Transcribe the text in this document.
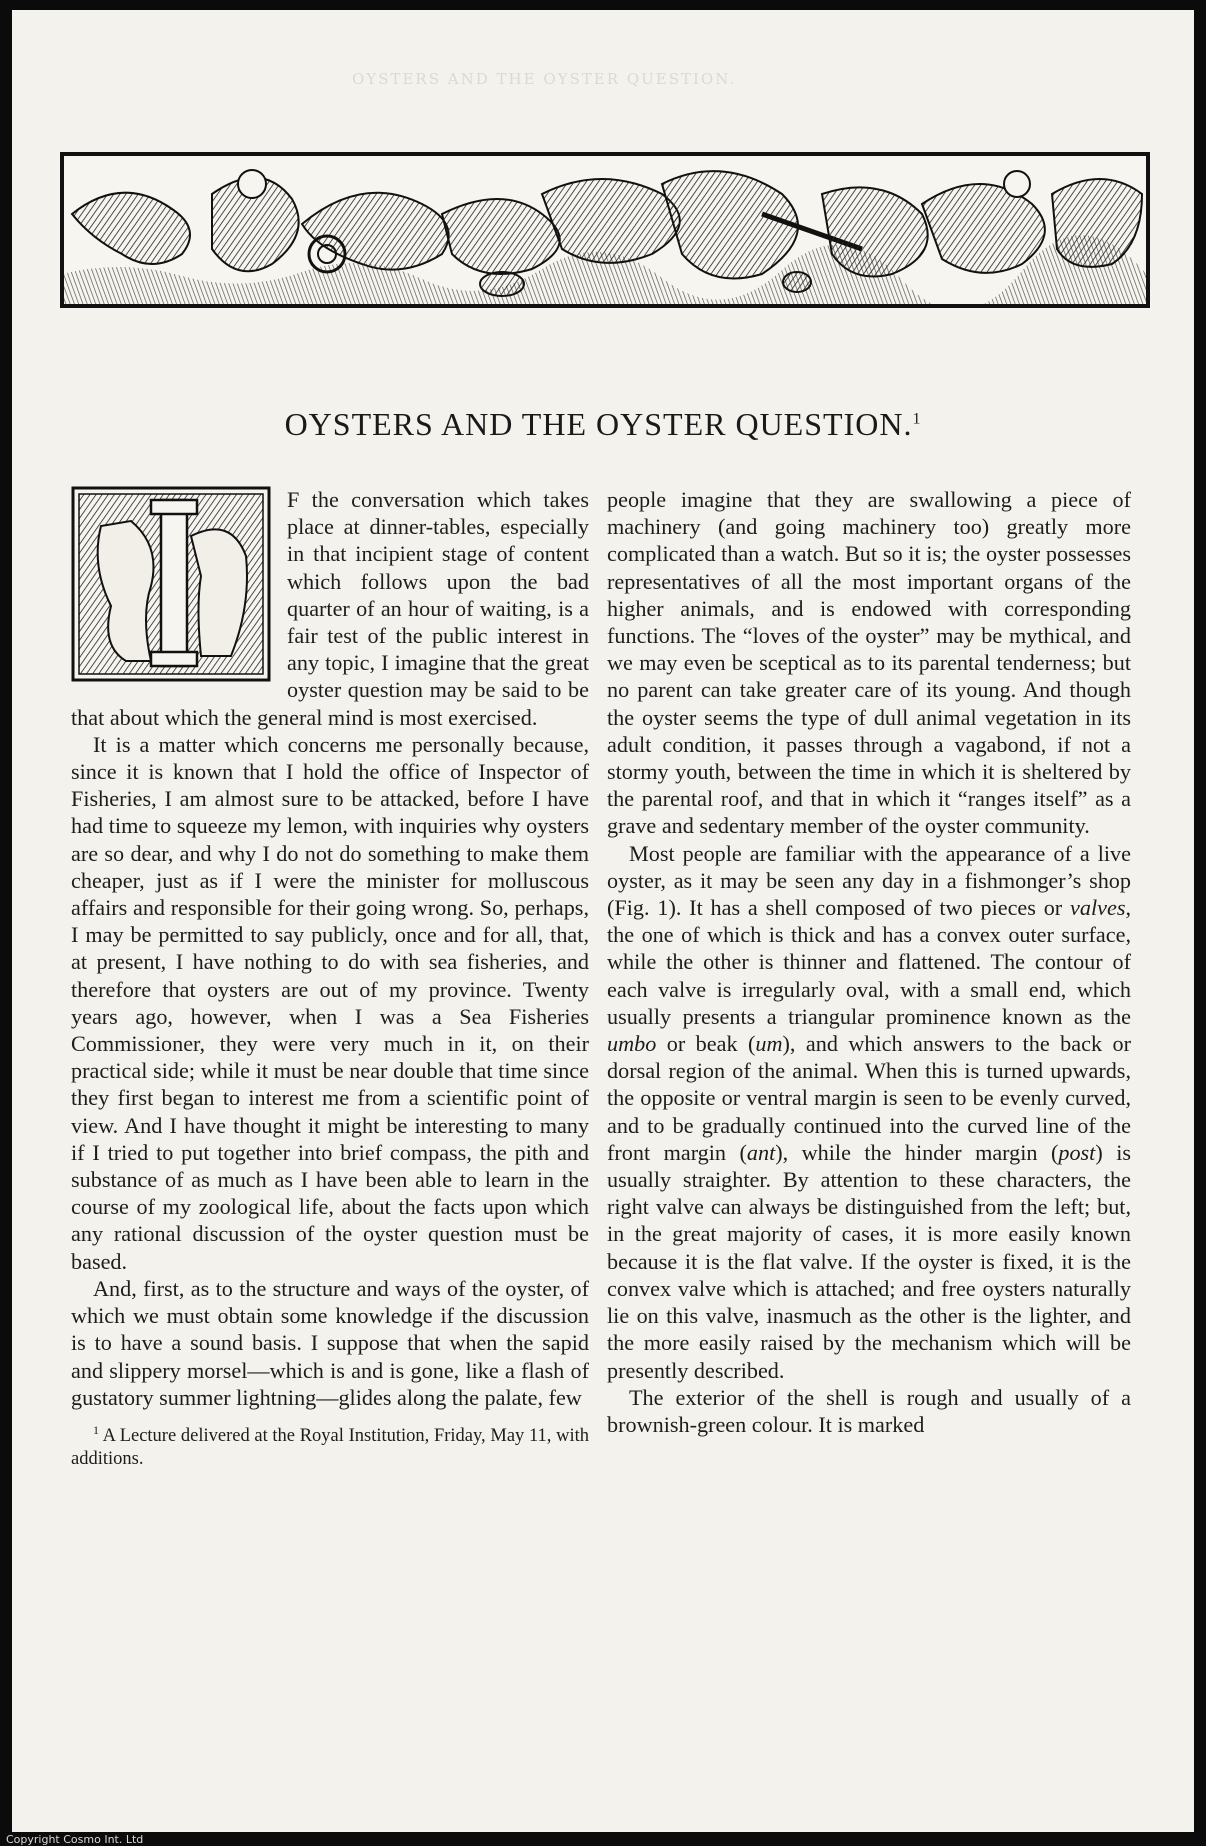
OYSTERS AND THE OYSTER QUESTION.
OYSTERS AND THE OYSTER QUESTION.$^1$

F the conversation which takes place at dinner-tables, especially in that incipient stage of content which follows upon the bad quarter of an hour of waiting, is a fair test of the public interest in any topic, I imagine that the great oyster question may be said to be that about which the general mind is most exercised.

It is a matter which concerns me personally because, since it is known that I hold the office of Inspector of Fisheries, I am almost sure to be attacked, before I have had time to squeeze my lemon, with inquiries why oysters are so dear, and why I do not do something to make them cheaper, just as if I were the minister for molluscous affairs and responsible for their going wrong. So, perhaps, I may be permitted to say publicly, once and for all, that, at present, I have nothing to do with sea fisheries, and therefore that oysters are out of my province. Twenty years ago, however, when I was a Sea Fisheries Commissioner, they were very much in it, on their practical side; while it must be near double that time since they first began to interest me from a scientific point of view. And I have thought it might be interesting to many if I tried to put together into brief compass, the pith and substance of as much as I have been able to learn in the course of my zoological life, about the facts upon which any rational discussion of the oyster question must be based.

And, first, as to the structure and ways of the oyster, of which we must obtain some knowledge if the discussion is to have a sound basis. I suppose that when the sapid and slippery morsel—which is and is gone, like a flash of gustatory summer lightning—glides along the palate, few

$^1$ A Lecture delivered at the Royal Institution, Friday, May 11, with additions.

people imagine that they are swallowing a piece of machinery (and going machinery too) greatly more complicated than a watch. But so it is; the oyster possesses representatives of all the most important organs of the higher animals, and is endowed with corresponding functions. The “loves of the oyster” may be mythical, and we may even be sceptical as to its parental tenderness; but no parent can take greater care of its young. And though the oyster seems the type of dull animal vegetation in its adult condition, it passes through a vagabond, if not a stormy youth, between the time in which it is sheltered by the parental roof, and that in which it “ranges itself” as a grave and sedentary member of the oyster community.

Most people are familiar with the appearance of a live oyster, as it may be seen any day in a fishmonger’s shop (Fig. 1). It has a shell composed of two pieces or valves, the one of which is thick and has a convex outer surface, while the other is thinner and flattened. The contour of each valve is irregularly oval, with a small end, which usually presents a triangular prominence known as the umbo or beak (um), and which answers to the back or dorsal region of the animal. When this is turned upwards, the opposite or ventral margin is seen to be evenly curved, and to be gradually continued into the curved line of the front margin (ant), while the hinder margin (post) is usually straighter. By attention to these characters, the right valve can always be distinguished from the left; but, in the great majority of cases, it is more easily known because it is the flat valve. If the oyster is fixed, it is the convex valve which is attached; and free oysters naturally lie on this valve, inasmuch as the other is the lighter, and the more easily raised by the mechanism which will be presently described.

The exterior of the shell is rough and usually of a brownish-green colour. It is marked

Copyright Cosmo Int. Ltd
